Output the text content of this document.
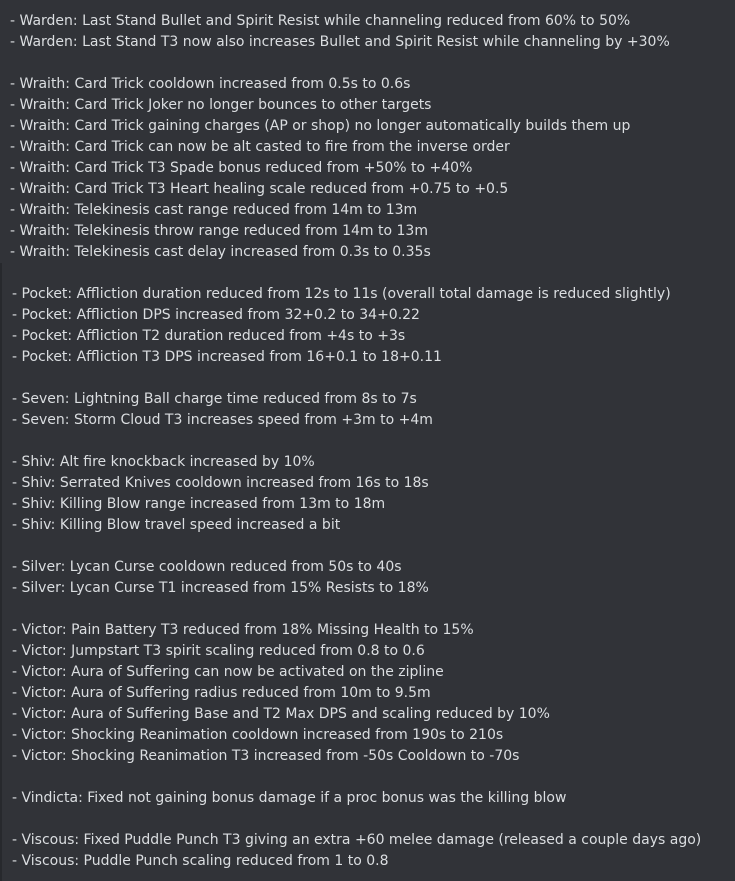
- Warden: Last Stand Bullet and Spirit Resist while channeling reduced from 60% to 50%
- Warden: Last Stand T3 now also increases Bullet and Spirit Resist while channeling by +30%
- Wraith: Card Trick cooldown increased from 0.5s to 0.6s
- Wraith: Card Trick Joker no longer bounces to other targets
- Wraith: Card Trick gaining charges (AP or shop) no longer automatically builds them up
- Wraith: Card Trick can now be alt casted to fire from the inverse order
- Wraith: Card Trick T3 Spade bonus reduced from +50% to +40%
- Wraith: Card Trick T3 Heart healing scale reduced from +0.75 to +0.5
- Wraith: Telekinesis cast range reduced from 14m to 13m
- Wraith: Telekinesis throw range reduced from 14m to 13m
- Wraith: Telekinesis cast delay increased from 0.3s to 0.35s
- Pocket: Affliction duration reduced from 12s to 11s (overall total damage is reduced slightly)
- Pocket: Affliction DPS increased from 32+0.2 to 34+0.22
- Pocket: Affliction T2 duration reduced from +4s to +3s
- Pocket: Affliction T3 DPS increased from 16+0.1 to 18+0.11
- Seven: Lightning Ball charge time reduced from 8s to 7s
- Seven: Storm Cloud T3 increases speed from +3m to +4m
- Shiv: Alt fire knockback increased by 10%
- Shiv: Serrated Knives cooldown increased from 16s to 18s
- Shiv: Killing Blow range increased from 13m to 18m
- Shiv: Killing Blow travel speed increased a bit
- Silver: Lycan Curse cooldown reduced from 50s to 40s
- Silver: Lycan Curse T1 increased from 15% Resists to 18%
- Victor: Pain Battery T3 reduced from 18% Missing Health to 15%
- Victor: Jumpstart T3 spirit scaling reduced from 0.8 to 0.6
- Victor: Aura of Suffering can now be activated on the zipline
- Victor: Aura of Suffering radius reduced from 10m to 9.5m
- Victor: Aura of Suffering Base and T2 Max DPS and scaling reduced by 10%
- Victor: Shocking Reanimation cooldown increased from 190s to 210s
- Victor: Shocking Reanimation T3 increased from -50s Cooldown to -70s
- Vindicta: Fixed not gaining bonus damage if a proc bonus was the killing blow
- Viscous: Fixed Puddle Punch T3 giving an extra +60 melee damage (released a couple days ago)
- Viscous: Puddle Punch scaling reduced from 1 to 0.8
